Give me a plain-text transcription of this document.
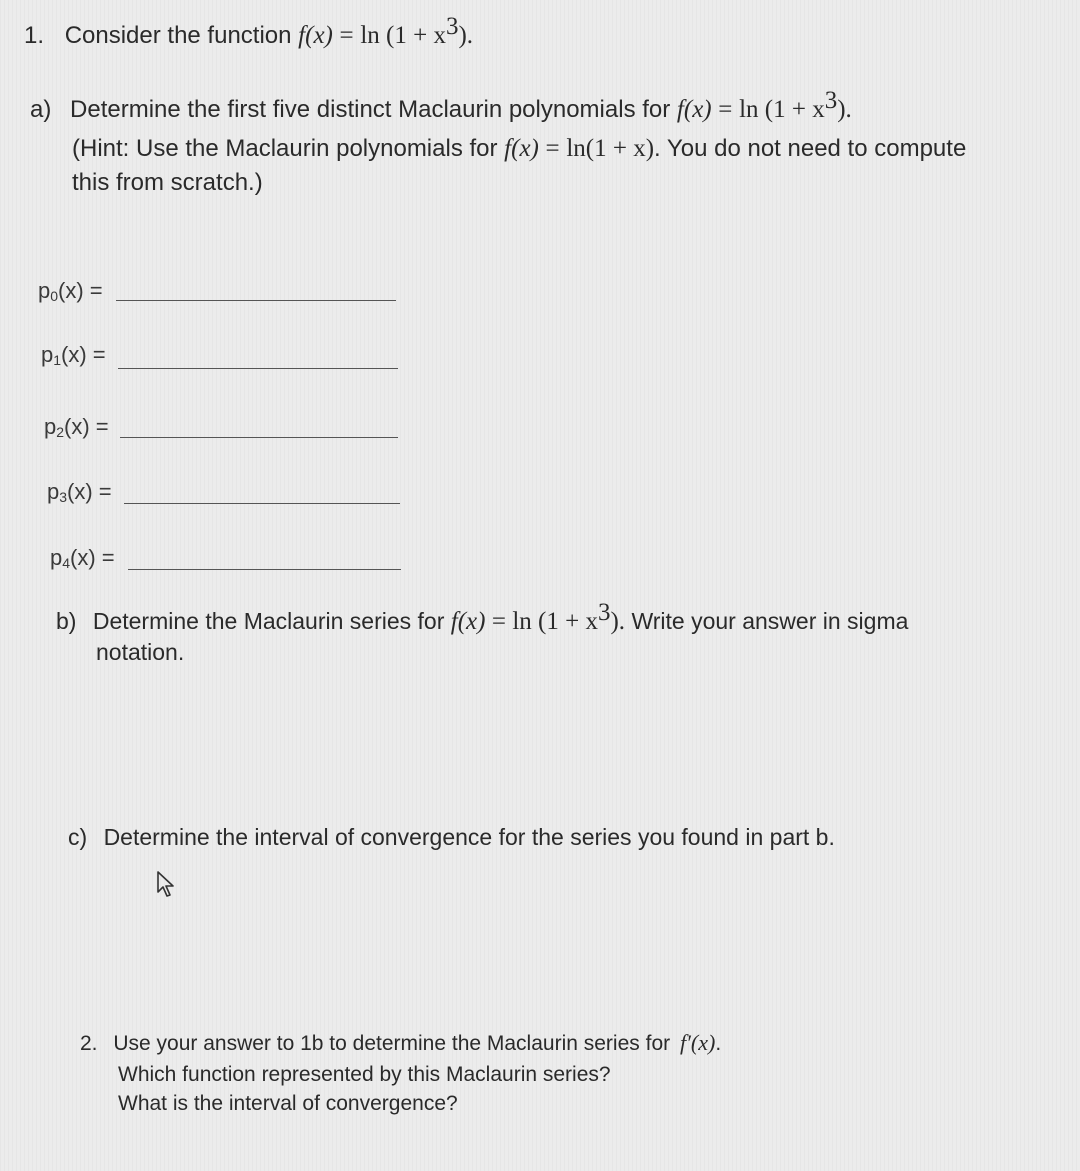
1. Consider the function $f(x) = \ln (1 + x^3)$.
a) Determine the first five distinct Maclaurin polynomials for $f(x) = \ln (1 + x^3)$.
(Hint: Use the Maclaurin polynomials for f(x) = ln(1 + x). You do not need to compute
this from scratch.)
p0(x) =
p1(x) =
p2(x) =
p3(x) =
p4(x) =
b) Determine the Maclaurin series for $f(x) = \ln (1 + x^3)$. Write your answer in sigma
notation.
c) Determine the interval of convergence for the series you found in part b.
2. Use your answer to 1b to determine the Maclaurin series for f′(x).
Which function represented by this Maclaurin series?
What is the interval of convergence?
